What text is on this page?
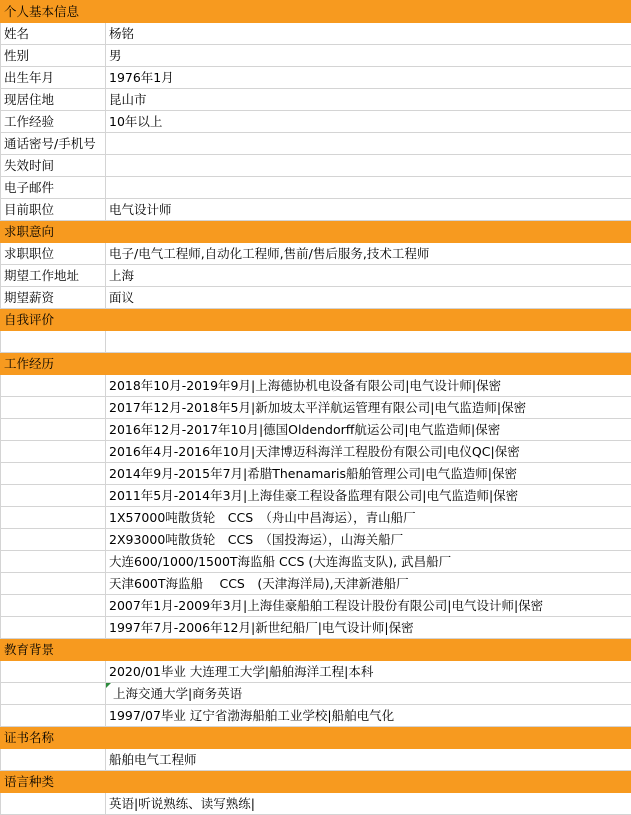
个人基本信息	
姓名	杨铭
性别	男
出生年月	1976年1月
现居住地	昆山市
工作经验	10年以上
通话密号/手机号	
失效时间	
电子邮件	
目前职位	电气设计师
求职意向	
求职职位	电子/电气工程师,自动化工程师,售前/售后服务,技术工程师
期望工作地址	上海
期望薪资	面议
自我评价	

工作经历	
	2018年10月-2019年9月|上海德协机电设备有限公司|电气设计师|保密
	2017年12月-2018年5月|新加坡太平洋航运管理有限公司|电气监造师|保密
	2016年12月-2017年10月|德国Oldendorff航运公司|电气监造师|保密
	2016年4月-2016年10月|天津博迈科海洋工程股份有限公司|电仪QC|保密
	2014年9月-2015年7月|希腊Thenamaris船舶管理公司|电气监造师|保密
	2011年5月-2014年3月|上海佳豪工程设备监理有限公司|电气监造师|保密
	1X57000吨散货轮　CCS　（舟山中昌海运），青山船厂
	2X93000吨散货轮　CCS　（国投海运），山海关船厂
	大连600/1000/1500T海监船 CCS (大连海监支队), 武昌船厂
	天津600T海监船　 CCS　(天津海洋局),天津新港船厂
	2007年1月-2009年3月|上海佳豪船舶工程设计股份有限公司|电气设计师|保密
	1997年7月-2006年12月|新世纪船厂|电气设计师|保密
教育背景	
	2020/01毕业 大连理工大学|船舶海洋工程|本科
	上海交通大学|商务英语
	1997/07毕业 辽宁省渤海船舶工业学校|船舶电气化
证书名称	
	船舶电气工程师
语言种类	
	英语|听说熟练、读写熟练|
